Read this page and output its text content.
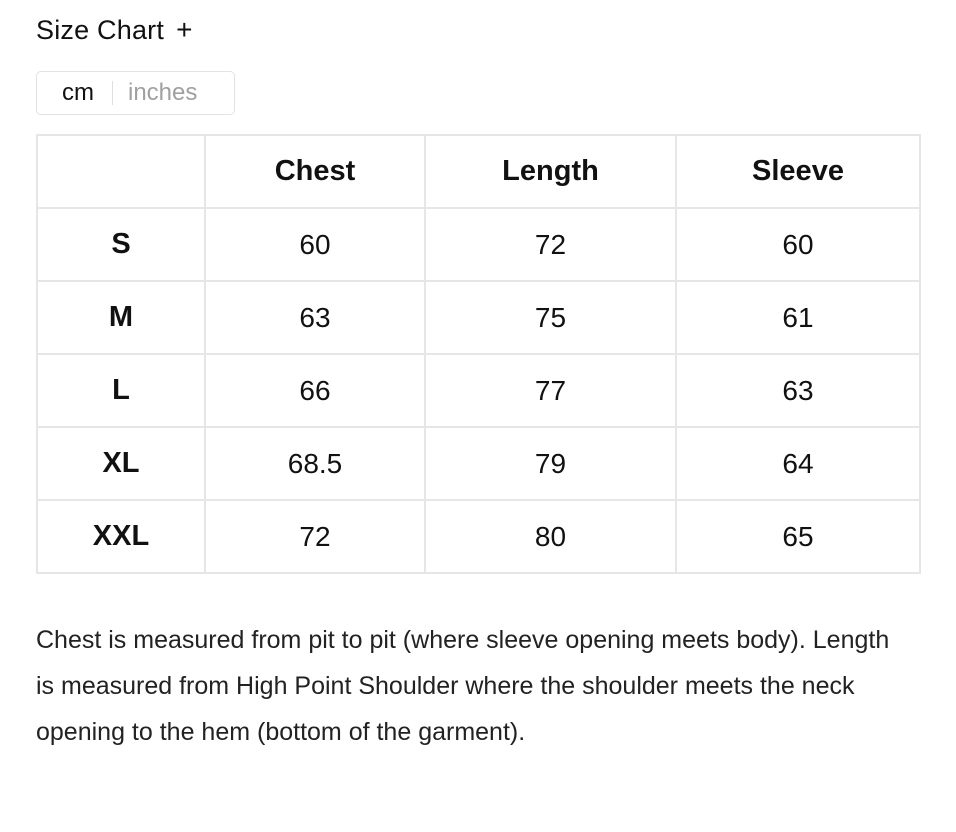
Size Chart +
cm	inches
	Chest	Length	Sleeve
S	60	72	60
M	63	75	61
L	66	77	63
XL	68.5	79	64
XXL	72	80	65

Chest is measured from pit to pit (where sleeve opening meets body). Length is measured from High Point Shoulder where the shoulder meets the neck opening to the hem (bottom of the garment).
